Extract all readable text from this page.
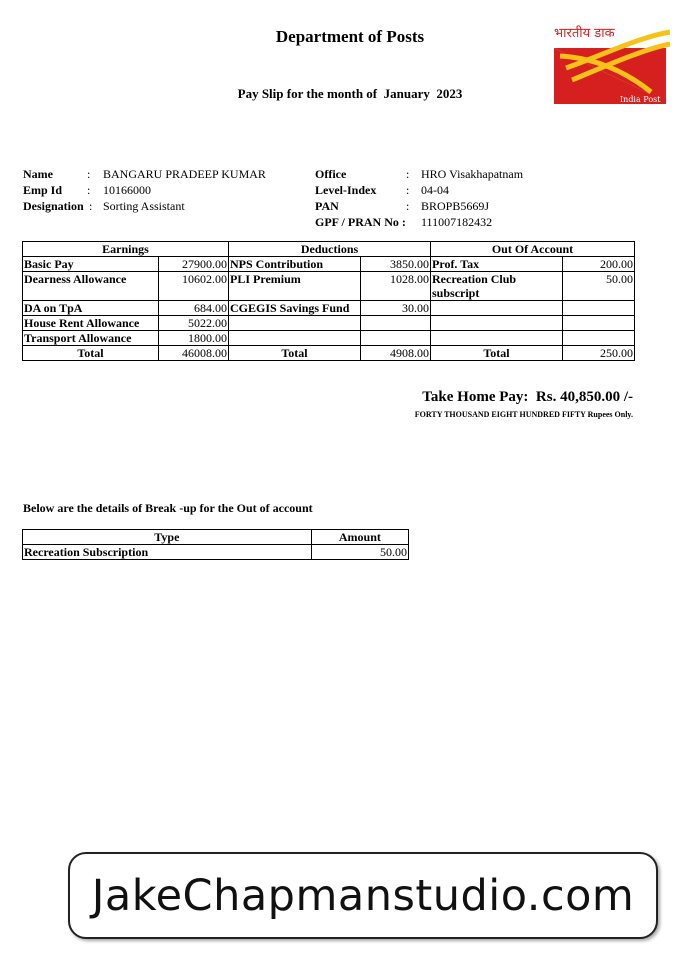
Department of Posts
Pay Slip for the month of  January  2023
भारतीय डाक
India Post
Name	: BANGARU PRADEEP KUMAR
Emp Id : 10166000
Designation : Sorting Assistant
Office	: HRO Visakhapatnam
Level-Index : 04-04
PAN	: BROPB5669J
GPF / PRAN No : 111007182432
Earnings		Deductions		Out Of Account	
Basic Pay	27900.00	NPS Contribution	3850.00	Prof. Tax	200.00
Dearness Allowance	10602.00	PLI Premium	1028.00	Recreation Club subscript	50.00
DA on TpA	684.00	CGEGIS Savings Fund	30.00		
House Rent Allowance	5022.00				
Transport Allowance	1800.00				
Total	46008.00	Total	4908.00	Total	250.00
Take Home Pay:  Rs. 40,850.00 /-
FORTY THOUSAND EIGHT HUNDRED FIFTY Rupees Only.
Below are the details of Break -up for the Out of account
Type	Amount
Recreation Subscription	50.00
JakeChapmanstudio.com
